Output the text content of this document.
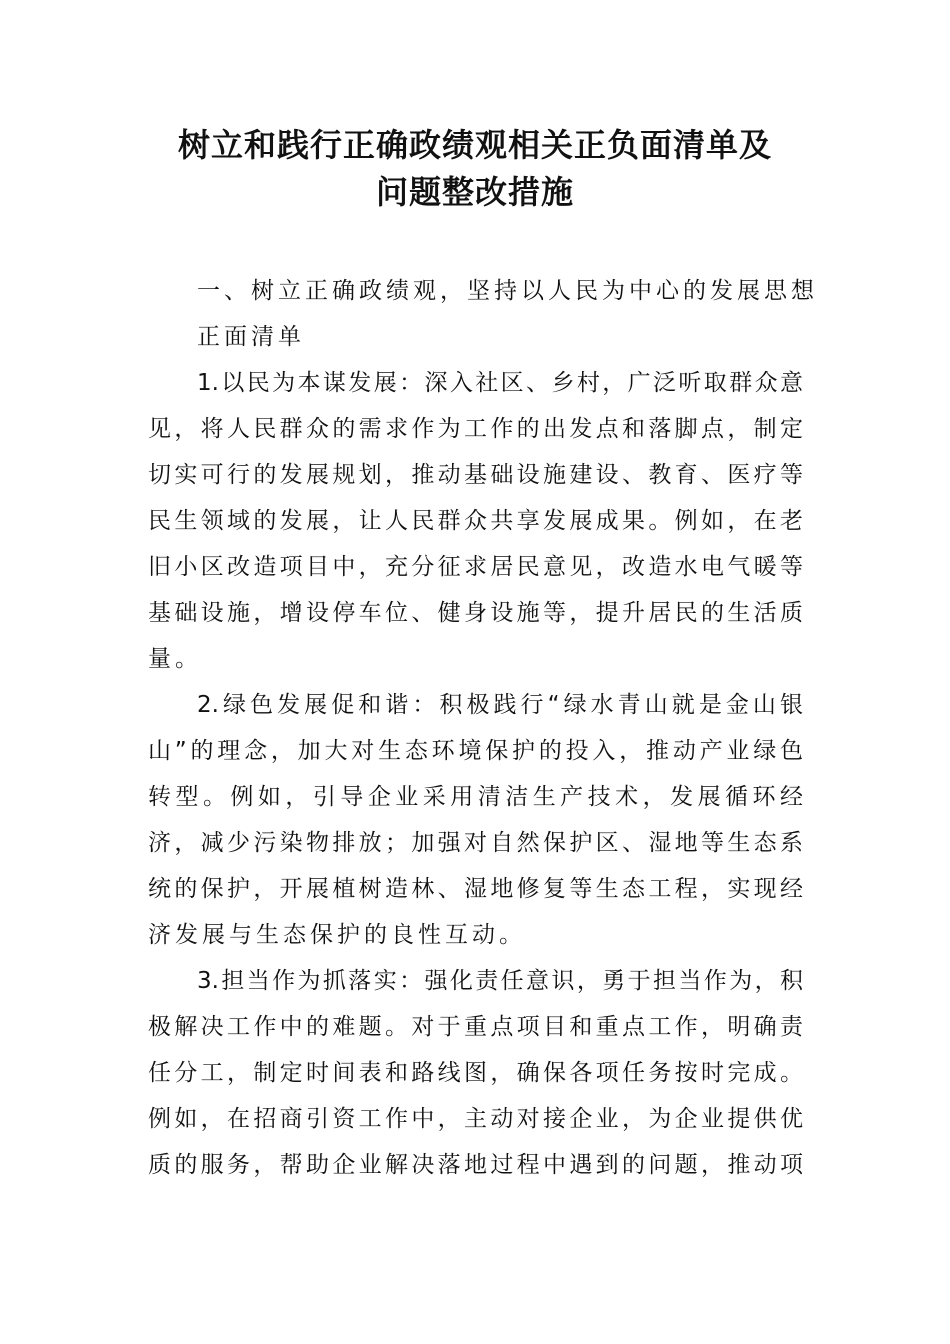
树立和践行正确政绩观相关正负面清单及
问题整改措施
一、树立正确政绩观，坚持以人民为中心的发展思想
正面清单
1.以民为本谋发展：深入社区、乡村，广泛听取群众意
见，将人民群众的需求作为工作的出发点和落脚点，制定
切实可行的发展规划，推动基础设施建设、教育、医疗等
民生领域的发展，让人民群众共享发展成果。例如，在老
旧小区改造项目中，充分征求居民意见，改造水电气暖等
基础设施，增设停车位、健身设施等，提升居民的生活质
量。
2.绿色发展促和谐：积极践行“绿水青山就是金山银
山”的理念，加大对生态环境保护的投入，推动产业绿色
转型。例如，引导企业采用清洁生产技术，发展循环经
济，减少污染物排放；加强对自然保护区、湿地等生态系
统的保护，开展植树造林、湿地修复等生态工程，实现经
济发展与生态保护的良性互动。
3.担当作为抓落实：强化责任意识，勇于担当作为，积
极解决工作中的难题。对于重点项目和重点工作，明确责
任分工，制定时间表和路线图，确保各项任务按时完成。
例如，在招商引资工作中，主动对接企业，为企业提供优
质的服务，帮助企业解决落地过程中遇到的问题，推动项
